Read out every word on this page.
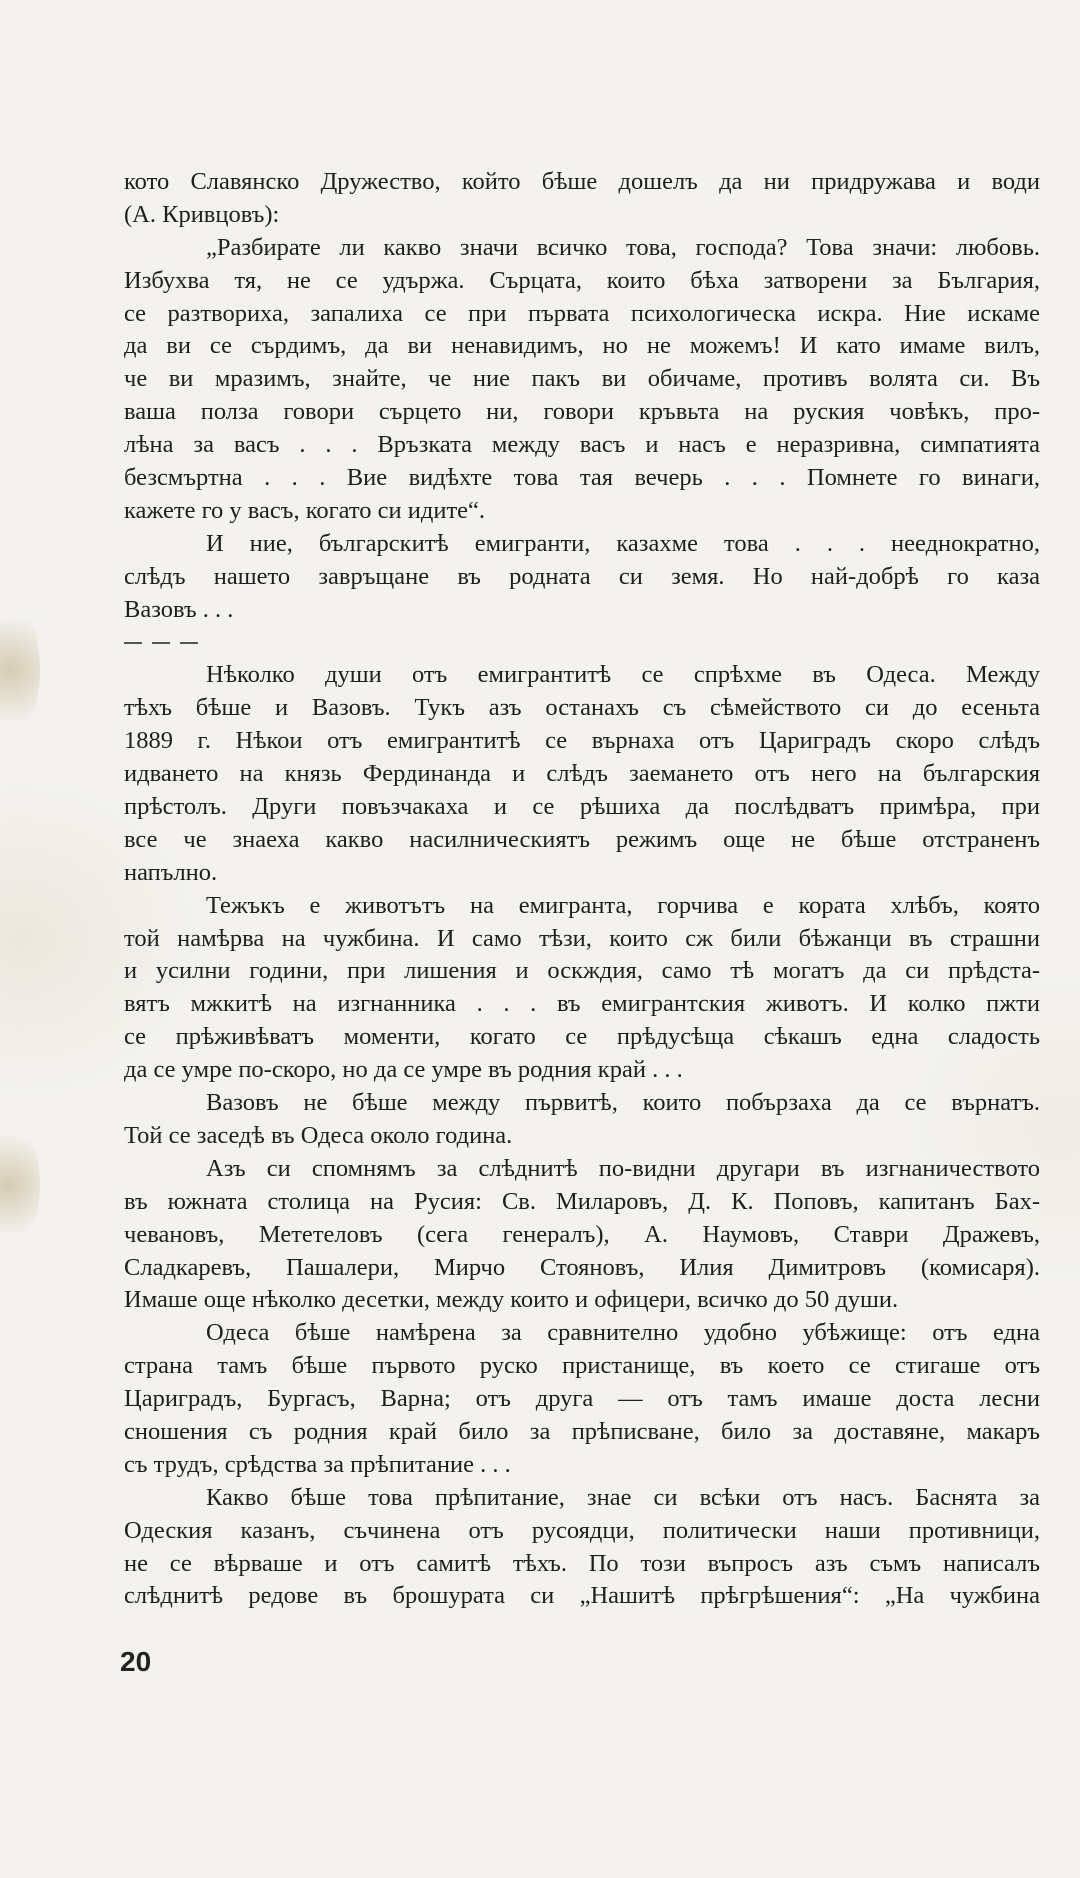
кото Славянско Дружество, който бѣше дошелъ да ни придружава и води
(А. Кривцовъ):
„Разбирате ли какво значи всичко това, господа? Това значи: любовь.
Избухва тя, не се удържа. Сърцата, които бѣха затворени за България,
се разтвориха, запалиха се при първата психологическа искра. Ние искаме
да ви се сърдимъ, да ви ненавидимъ, но не можемъ! И като имаме вилъ,
че ви мразимъ, знайте, че ние пакъ ви обичаме, противъ волята си. Въ
ваша полза говори сърцето ни, говори кръвьта на руския човѣкъ, про-
лѣна за васъ . . . Връзката между васъ и насъ е неразривна, симпатията
безсмъртна . . . Вие видѣхте това тая вечерь . . . Помнете го винаги,
кажете го у васъ, когато си идите“.
И ние, българскитѣ емигранти, казахме това . . . нееднократно,
слѣдъ нашето завръщане въ родната си земя. Но най-добрѣ го каза
Вазовъ . . .
Нѣколко души отъ емигрантитѣ се спрѣхме въ Одеса. Между
тѣхъ бѣше и Вазовъ. Тукъ азъ останахъ съ сѣмейството си до есеньта
1889 г. Нѣкои отъ емигрантитѣ се върнаха отъ Цариградъ скоро слѣдъ
идването на князь Фердинанда и слѣдъ заемането отъ него на българския
прѣстолъ. Други повъзчакаха и се рѣшиха да послѣдватъ примѣра, при
все че знаеха какво насилническиятъ режимъ още не бѣше отстраненъ
напълно.
Тежъкъ е животътъ на емигранта, горчива е кората хлѣбъ, която
той намѣрва на чужбина. И само тѣзи, които сж били бѣжанци въ страшни
и усилни години, при лишения и оскждия, само тѣ могатъ да си прѣдста-
вятъ мжкитѣ на изгнанника . . . въ емигрантския животъ. И колко пжти
се прѣживѣватъ моменти, когато се прѣдусѣща сѣкашъ една сладость
да се умре по-скоро, но да се умре въ родния край . . .
Вазовъ не бѣше между първитѣ, които побързаха да се върнатъ.
Той се заседѣ въ Одеса около година.
Азъ си спомнямъ за слѣднитѣ по-видни другари въ изгнаничеството
въ южната столица на Русия: Св. Миларовъ, Д. К. Поповъ, капитанъ Бах-
чевановъ, Мететеловъ (сега генералъ), А. Наумовъ, Ставри Дражевъ,
Сладкаревъ, Пашалери, Мирчо Стояновъ, Илия Димитровъ (комисаря).
Имаше още нѣколко десетки, между които и офицери, всичко до 50 души.
Одеса бѣше намѣрена за сравнително удобно убѣжище: отъ една
страна тамъ бѣше първото руско пристанище, въ което се стигаше отъ
Цариградъ, Бургасъ, Варна; отъ друга — отъ тамъ имаше доста лесни
сношения съ родния край било за прѣписване, било за доставяне, макаръ
съ трудъ, срѣдства за прѣпитание . . .
Какво бѣше това прѣпитание, знае си всѣки отъ насъ. Баснята за
Одеския казанъ, съчинена отъ русоядци, политически наши противници,
не се вѣрваше и отъ самитѣ тѣхъ. По този въпросъ азъ съмъ написалъ
слѣднитѣ редове въ брошурата си „Нашитѣ прѣгрѣшения“: „На чужбина
20
